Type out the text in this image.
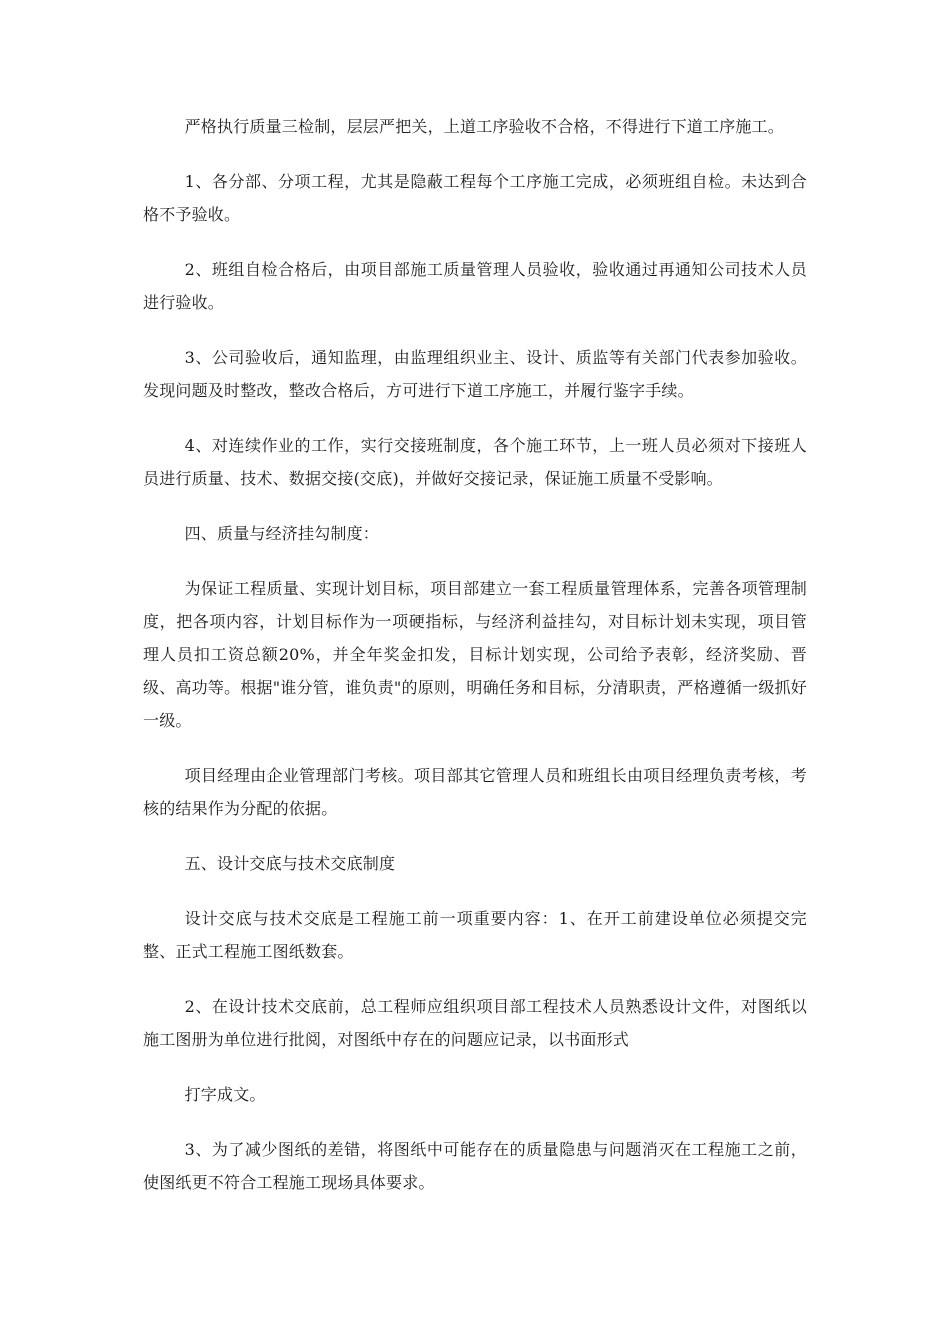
严格执行质量三检制，层层严把关，上道工序验收不合格，不得进行下道工序施工。

1、各分部、分项工程，尤其是隐蔽工程每个工序施工完成，必须班组自检。未达到合格不予验收。

2、班组自检合格后，由项目部施工质量管理人员验收，验收通过再通知公司技术人员进行验收。

3、公司验收后，通知监理，由监理组织业主、设计、质监等有关部门代表参加验收。发现问题及时整改，整改合格后，方可进行下道工序施工，并履行鉴字手续。

4、对连续作业的工作，实行交接班制度，各个施工环节，上一班人员必须对下接班人员进行质量、技术、数据交接(交底)，并做好交接记录，保证施工质量不受影响。

四、质量与经济挂勾制度：

为保证工程质量、实现计划目标，项目部建立一套工程质量管理体系，完善各项管理制度，把各项内容，计划目标作为一项硬指标，与经济利益挂勾，对目标计划未实现，项目管理人员扣工资总额20%，并全年奖金扣发，目标计划实现，公司给予表彰，经济奖励、晋级、高功等。根据"谁分管，谁负责"的原则，明确任务和目标，分清职责，严格遵循一级抓好一级。

项目经理由企业管理部门考核。项目部其它管理人员和班组长由项目经理负责考核，考核的结果作为分配的依据。

五、设计交底与技术交底制度

设计交底与技术交底是工程施工前一项重要内容：1、在开工前建设单位必须提交完整、正式工程施工图纸数套。

2、在设计技术交底前，总工程师应组织项目部工程技术人员熟悉设计文件，对图纸以施工图册为单位进行批阅，对图纸中存在的问题应记录，以书面形式

打字成文。

3、为了减少图纸的差错，将图纸中可能存在的质量隐患与问题消灭在工程施工之前，使图纸更不符合工程施工现场具体要求。
